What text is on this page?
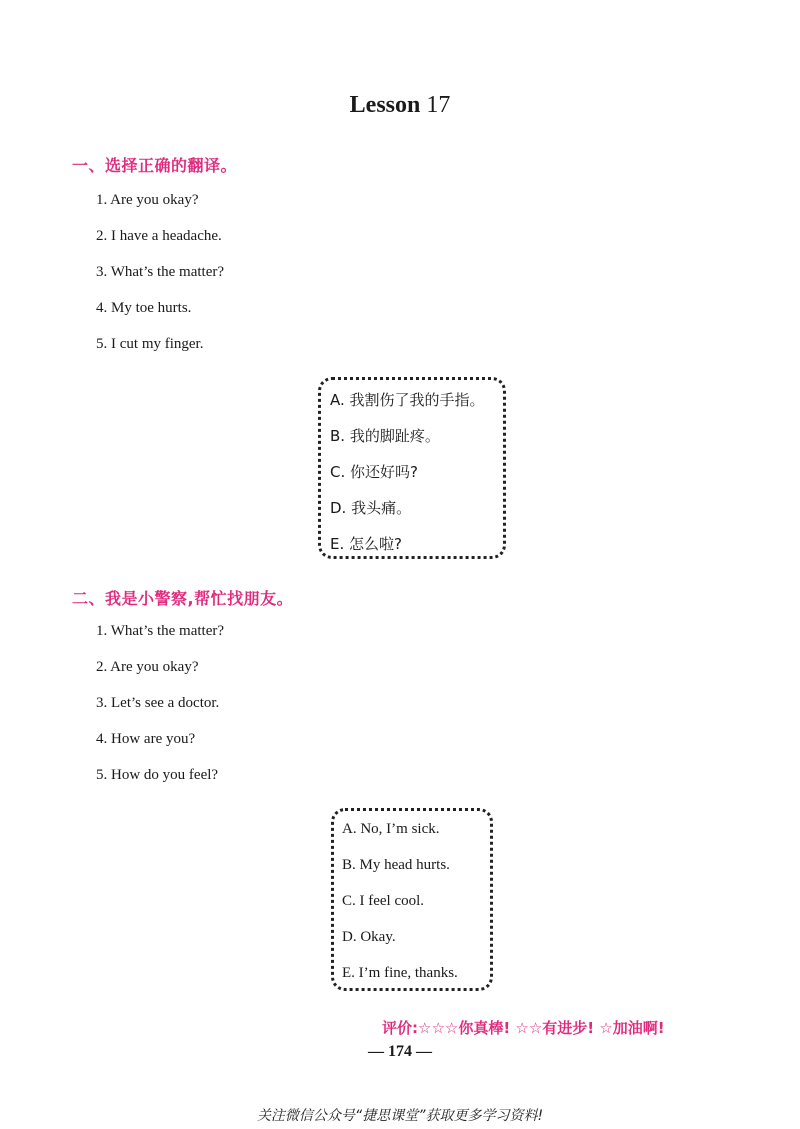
Lesson 17
一、选择正确的翻译。
1. Are you okay?
2. I have a headache.
3. What’s the matter?
4. My toe hurts.
5. I cut my finger.
A. 我割伤了我的手指。
B. 我的脚趾疼。
C. 你还好吗?
D. 我头痛。
E. 怎么啦?
二、我是小警察,帮忙找朋友。
1. What’s the matter?
2. Are you okay?
3. Let’s see a doctor.
4. How are you?
5. How do you feel?
A. No, I’m sick.
B. My head hurts.
C. I feel cool.
D. Okay.
E. I’m fine, thanks.
评价:☆☆☆你真棒! ☆☆有进步! ☆加油啊!
— 174 —
关注微信公众号“捷思课堂”获取更多学习资料!
